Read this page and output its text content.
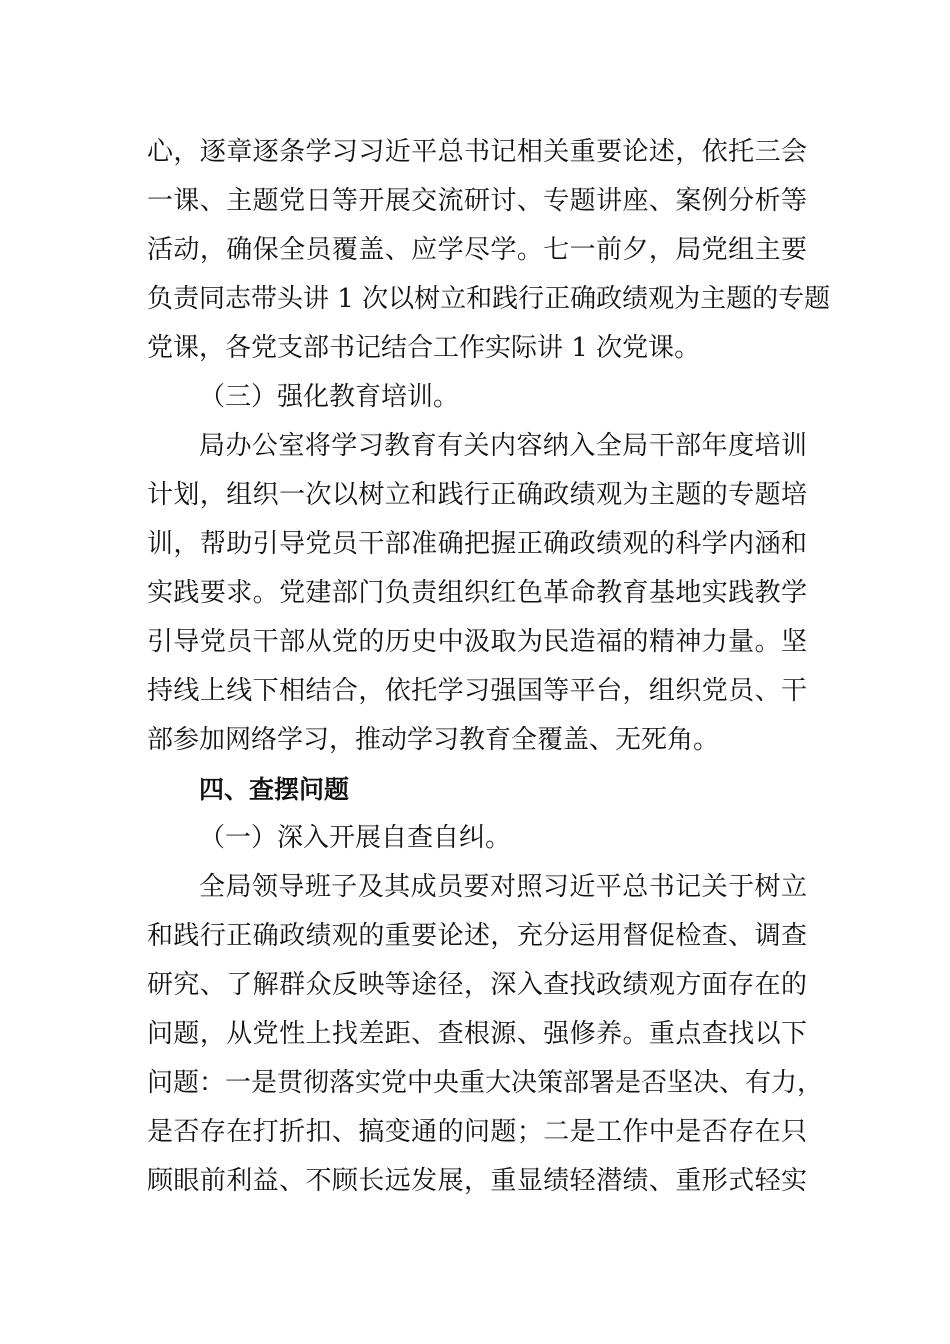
心，逐章逐条学习习近平总书记相关重要论述，依托三会
一课、主题党日等开展交流研讨、专题讲座、案例分析等
活动，确保全员覆盖、应学尽学。七一前夕，局党组主要
负责同志带头讲 1 次以树立和践行正确政绩观为主题的专题
党课，各党支部书记结合工作实际讲 1 次党课。
（三）强化教育培训。
局办公室将学习教育有关内容纳入全局干部年度培训
计划，组织一次以树立和践行正确政绩观为主题的专题培
训，帮助引导党员干部准确把握正确政绩观的科学内涵和
实践要求。党建部门负责组织红色革命教育基地实践教学
引导党员干部从党的历史中汲取为民造福的精神力量。坚
持线上线下相结合，依托学习强国等平台，组织党员、干
部参加网络学习，推动学习教育全覆盖、无死角。
四、查摆问题
（一）深入开展自查自纠。
全局领导班子及其成员要对照习近平总书记关于树立
和践行正确政绩观的重要论述，充分运用督促检查、调查
研究、了解群众反映等途径，深入查找政绩观方面存在的
问题，从党性上找差距、查根源、强修养。重点查找以下
问题：一是贯彻落实党中央重大决策部署是否坚决、有力，
是否存在打折扣、搞变通的问题；二是工作中是否存在只
顾眼前利益、不顾长远发展，重显绩轻潜绩、重形式轻实
